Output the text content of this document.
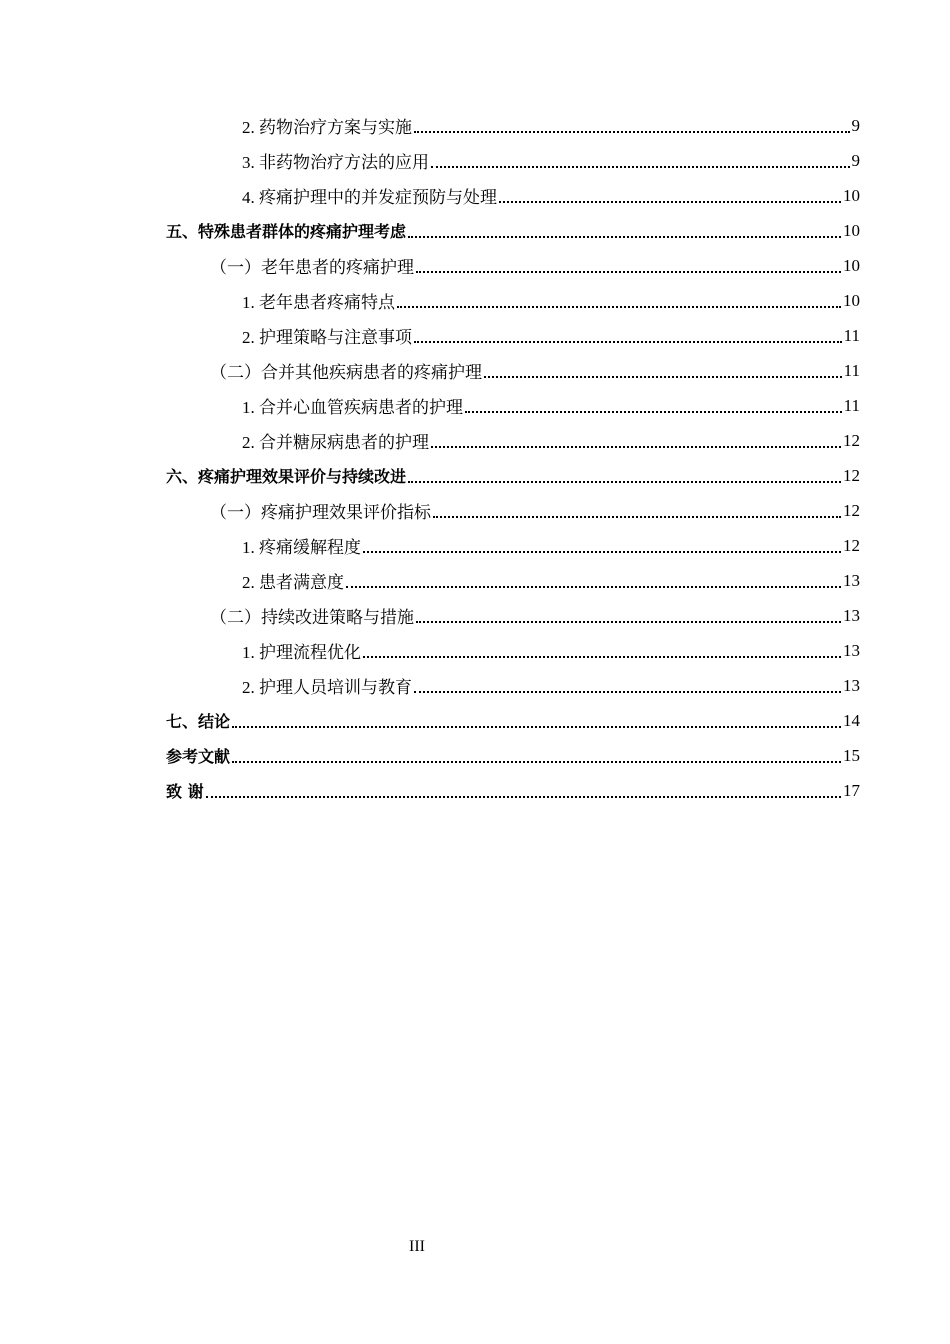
2. 药物治疗方案与实施	9
3. 非药物治疗方法的应用	9
4. 疼痛护理中的并发症预防与处理	10
五、特殊患者群体的疼痛护理考虑	10
（一）老年患者的疼痛护理	10
1. 老年患者疼痛特点	10
2. 护理策略与注意事项	11
（二）合并其他疾病患者的疼痛护理	11
1. 合并心血管疾病患者的护理	11
2. 合并糖尿病患者的护理	12
六、疼痛护理效果评价与持续改进	12
（一）疼痛护理效果评价指标	12
1. 疼痛缓解程度	12
2. 患者满意度	13
（二）持续改进策略与措施	13
1. 护理流程优化	13
2. 护理人员培训与教育	13
七、结论	14
参考文献	15
致 谢	17
III
